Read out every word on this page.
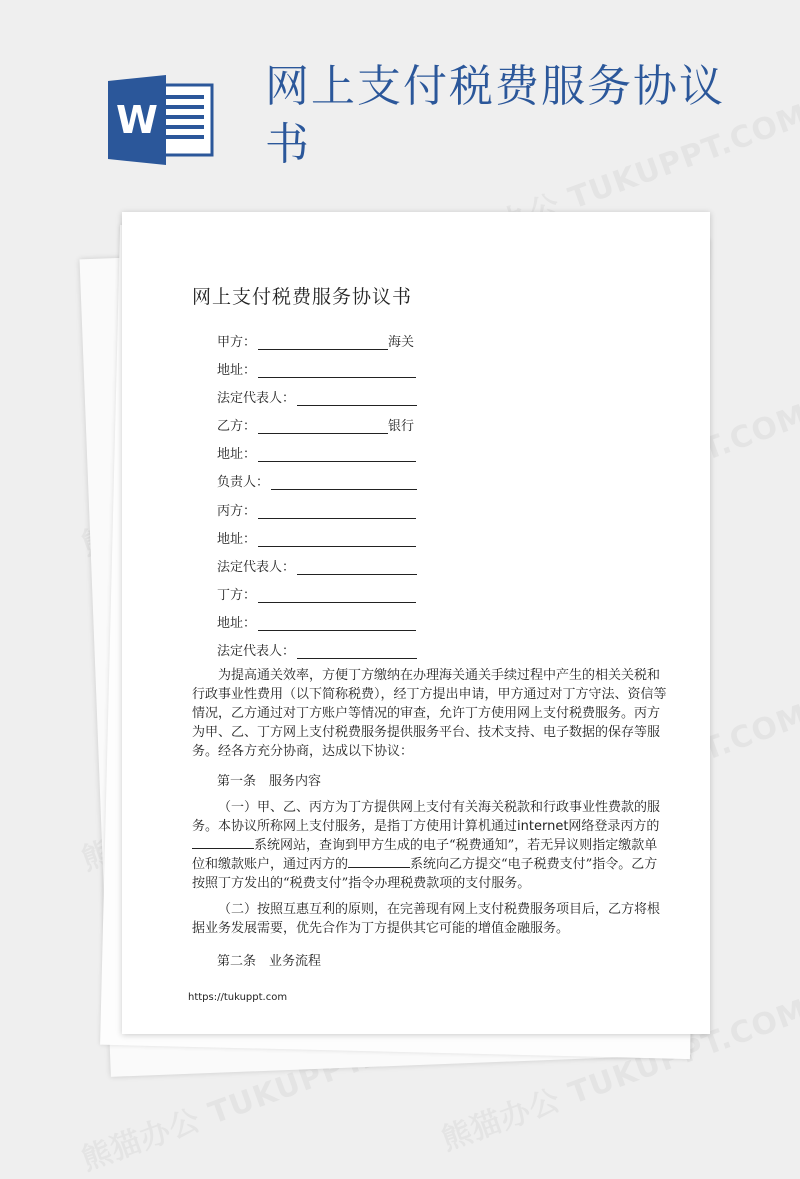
W
网上支付税费服务协议书
网上支付税费服务协议书
甲方：	海关
地址：
法定代表人：
乙方：	银行
地址：
负责人：
丙方：
地址：
法定代表人：
丁方：
地址：
法定代表人：
为提高通关效率，方便丁方缴纳在办理海关通关手续过程中产生的相关关税和行政事业性费用（以下简称税费），经丁方提出申请，甲方通过对丁方守法、资信等情况，乙方通过对丁方账户等情况的审查，允许丁方使用网上支付税费服务。丙方为甲、乙、丁方网上支付税费服务提供服务平台、技术支持、电子数据的保存等服务。经各方充分协商，达成以下协议：
第一条　服务内容
（一）甲、乙、丙方为丁方提供网上支付有关海关税款和行政事业性费款的服务。本协议所称网上支付服务，是指丁方使用计算机通过internet网络登录丙方的系统网站，查询到甲方生成的电子“税费通知”，若无异议则指定缴款单位和缴款账户，通过丙方的	系统向乙方提交“电子税费支付”指令。乙方按照丁方发出的“税费支付”指令办理税费款项的支付服务。
（二）按照互惠互利的原则，在完善现有网上支付税费服务项目后，乙方将根据业务发展需要，优先合作为丁方提供其它可能的增值金融服务。
第二条　业务流程
https://tukuppt.com
